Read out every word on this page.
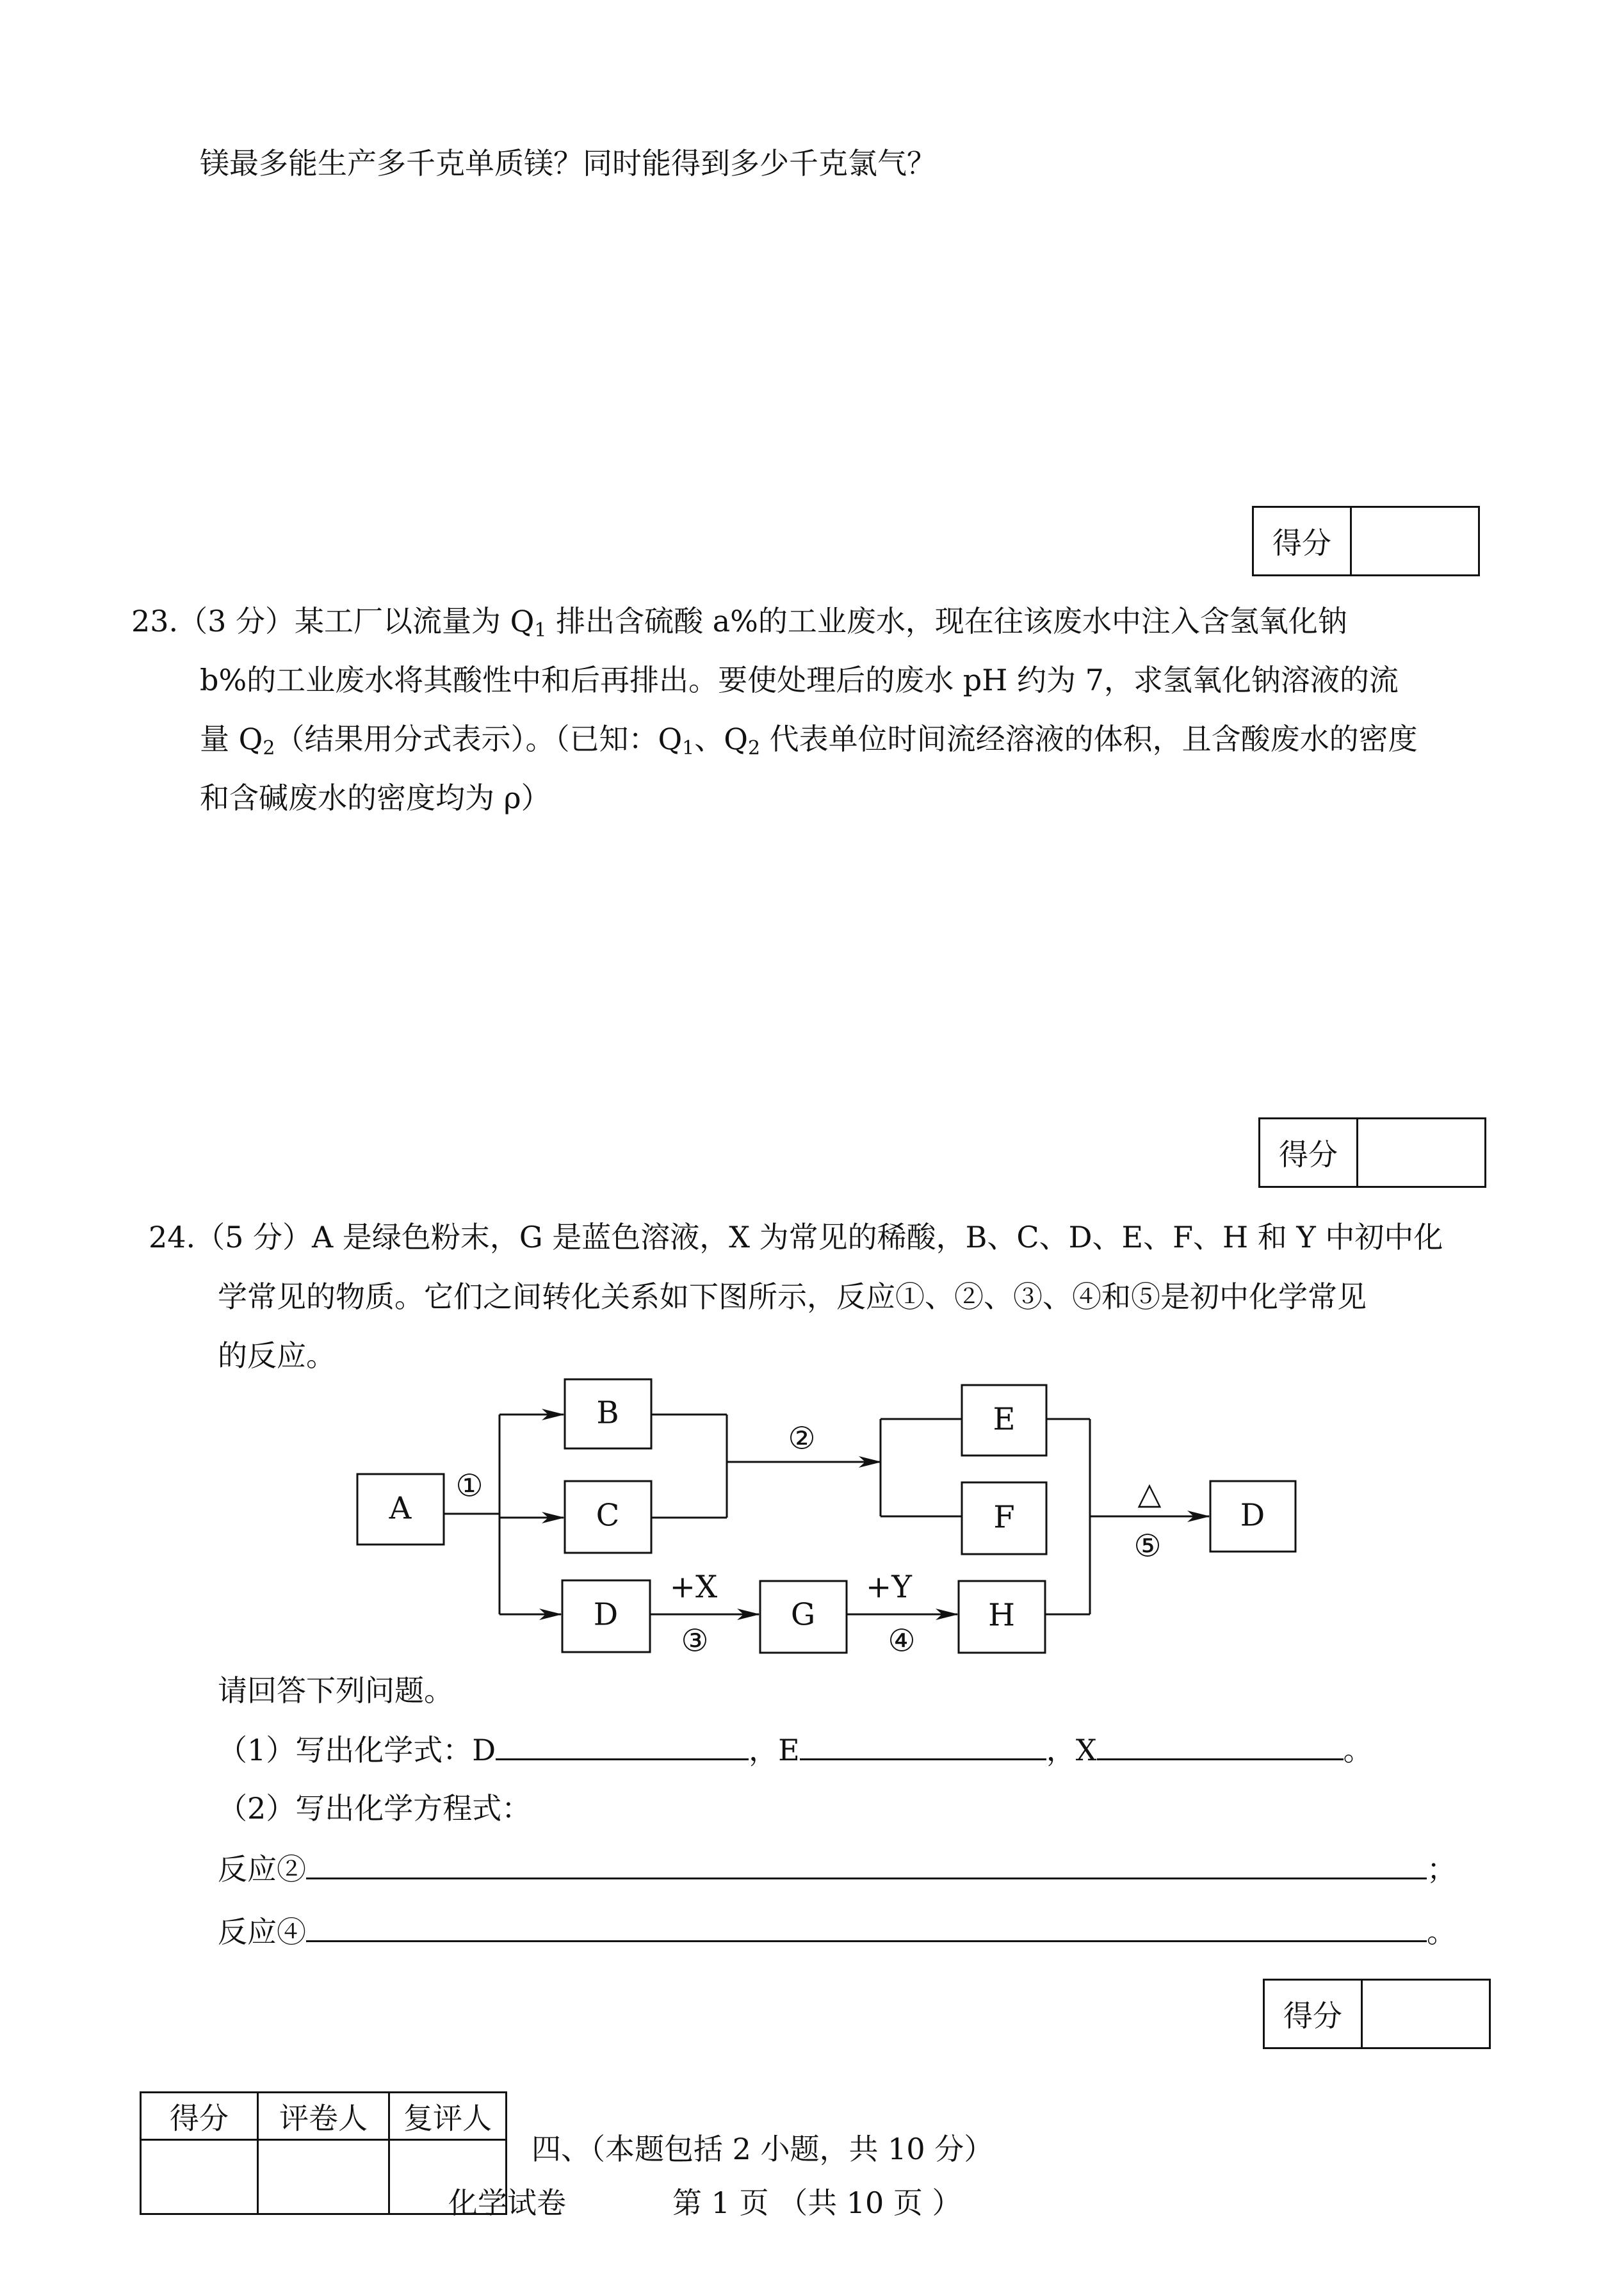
镁最多能生产多千克单质镁？同时能得到多少千克氯气？
得分
23.（3 分）某工厂以流量为 $Q_1$ 排出含硫酸 a%的工业废水，现在往该废水中注入含氢氧化钠
b%的工业废水将其酸性中和后再排出。要使处理后的废水 pH 约为 7，求氢氧化钠溶液的流
量 $Q_2$（结果用分式表示）。（已知：$Q_1$、$Q_2$ 代表单位时间流经溶液的体积，且含酸废水的密度
和含碱废水的密度均为 ρ）
得分
24.（5 分）A 是绿色粉末，G 是蓝色溶液，X 为常见的稀酸，B、C、D、E、F、H 和 Y 中初中化
学常见的物质。它们之间转化关系如下图所示，反应①、②、③、④和⑤是初中化学常见
的反应。
A
B
C
D	G	H
E
F	D
①
②
③	④
⑤
+X	+Y
△
请回答下列问题。
（1）写出化学式：D	，E	，X	。
（2）写出化学方程式：
反应②	；
反应④	。
得分
得分	评卷人	复评人

四、（本题包括 2 小题，共 10 分）
化学试卷	第 1 页 （共 10 页 ）
